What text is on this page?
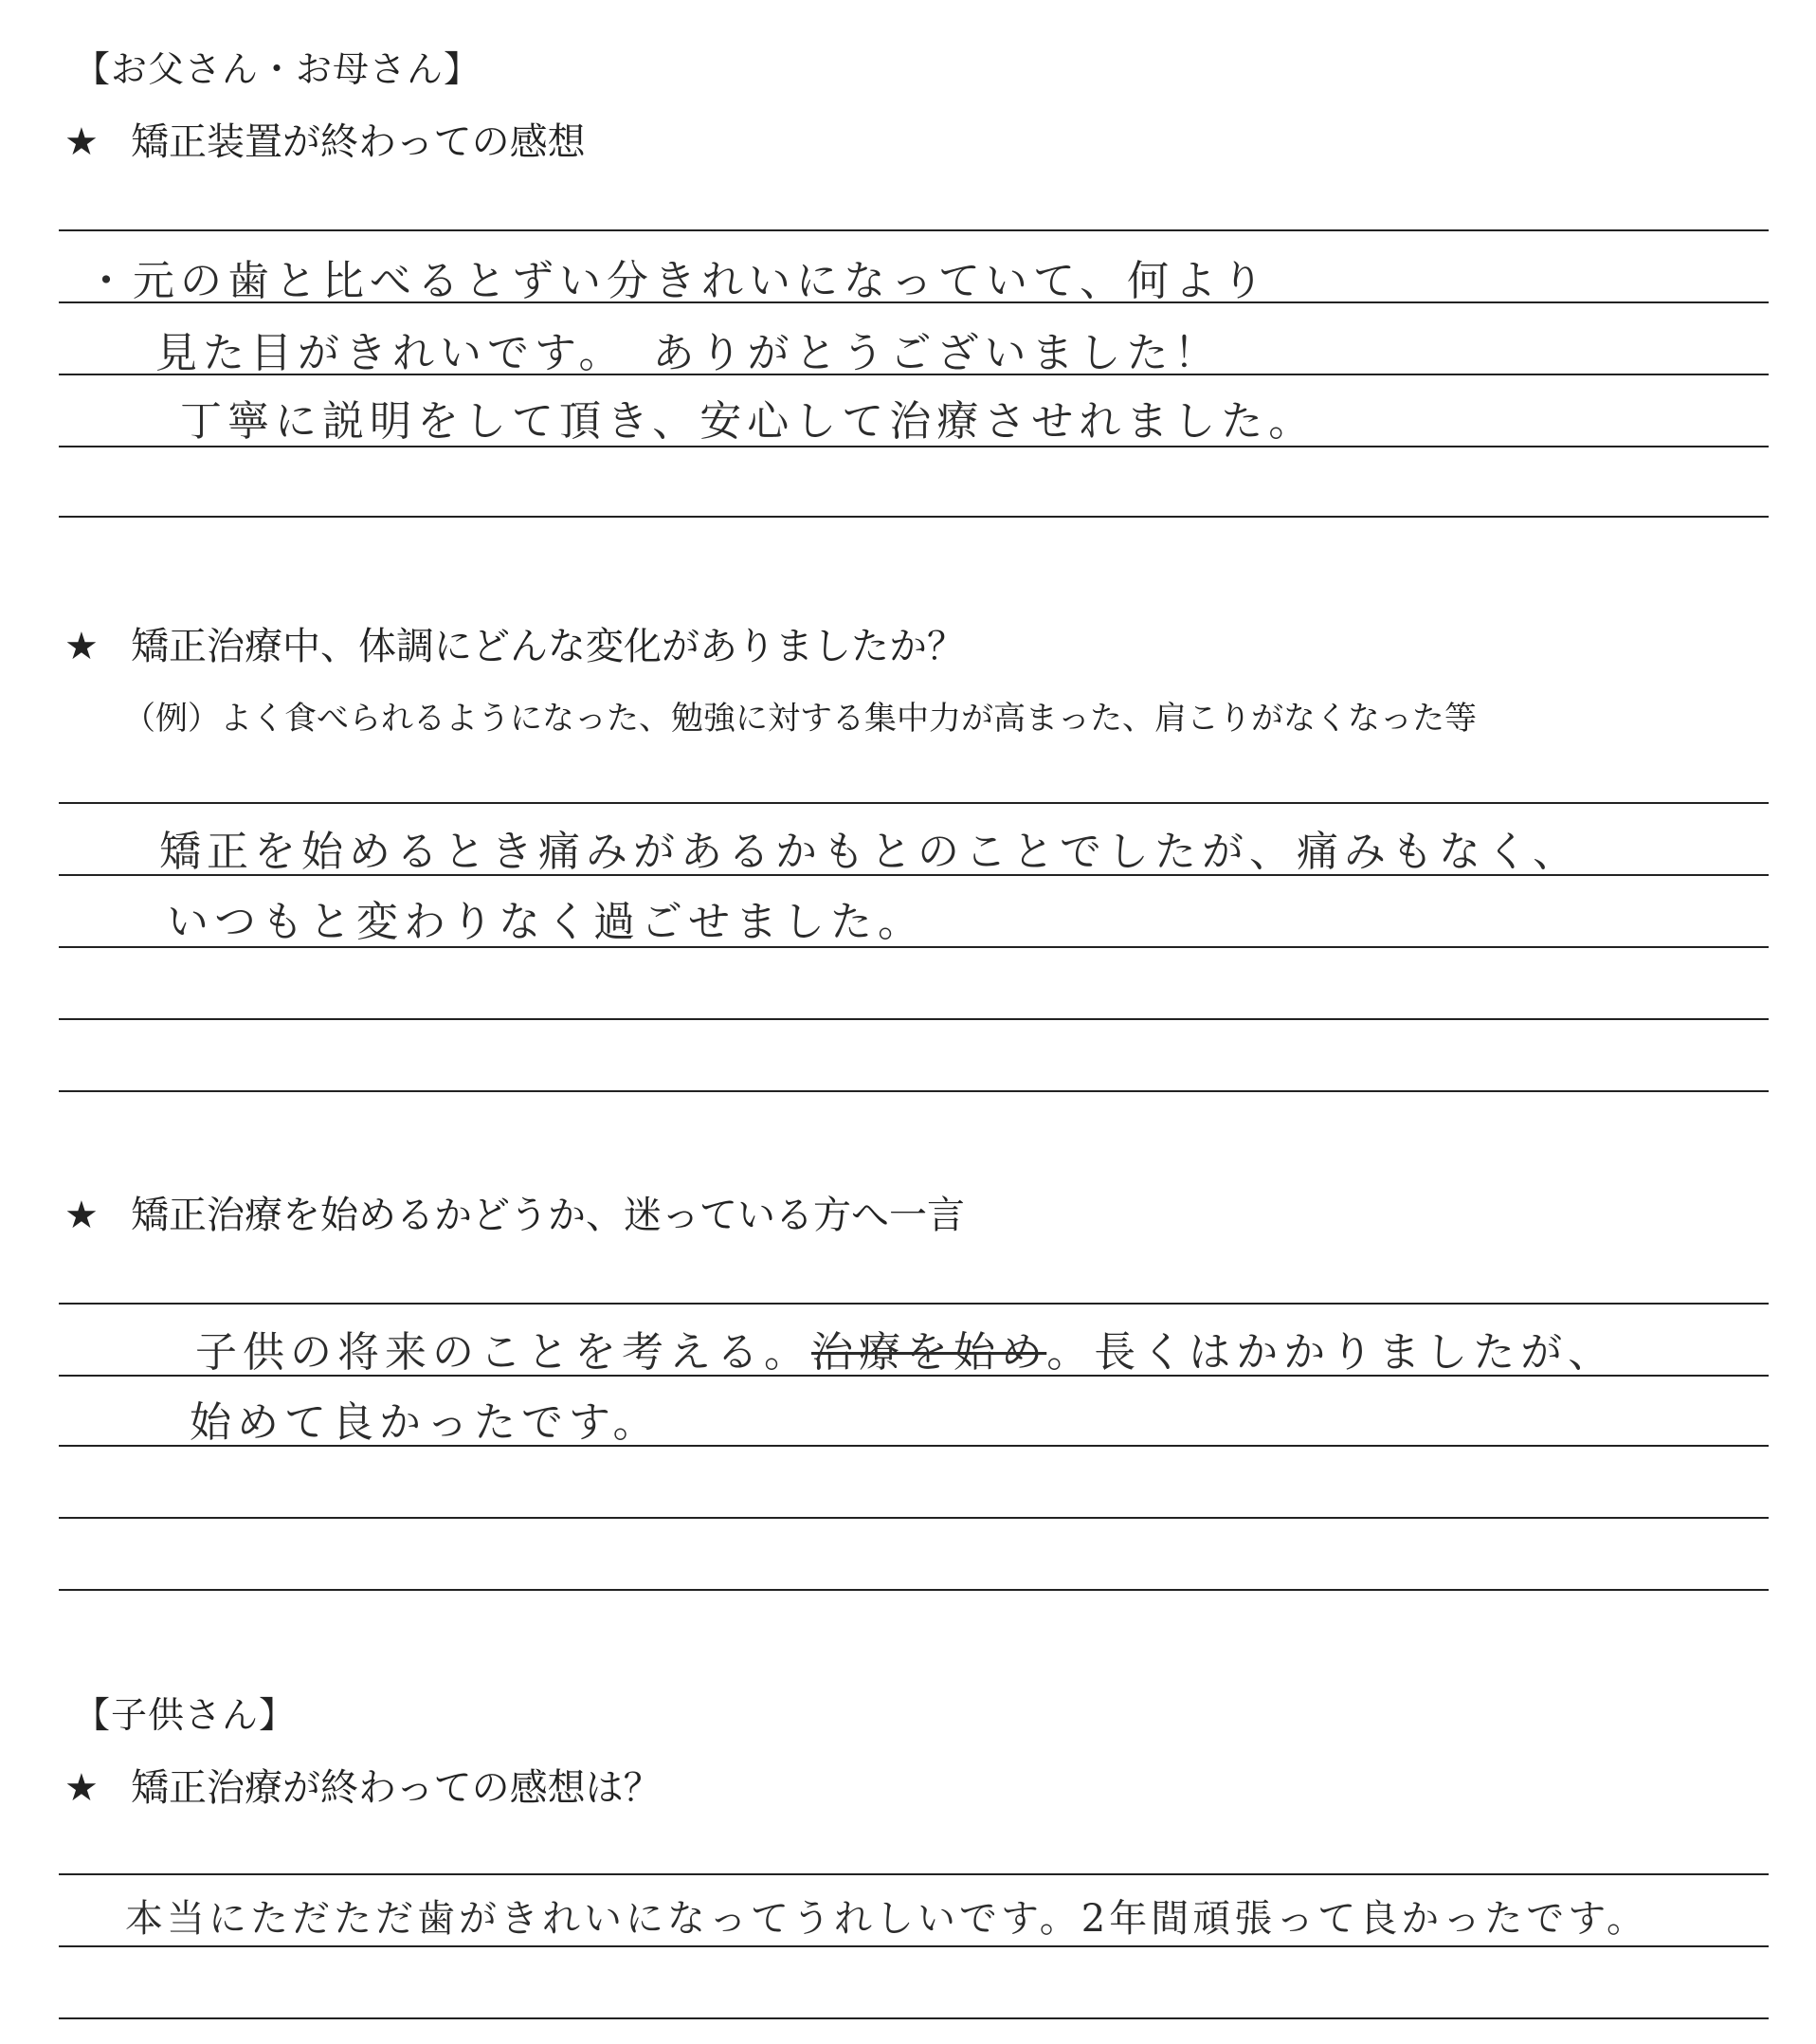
【お父さん・お母さん】
★ 矯正装置が終わっての感想
・元の歯と比べるとずい分きれいになっていて、何より
見た目がきれいです。　ありがとうございました！
丁寧に説明をして頂き、安心して治療させれました。
★ 矯正治療中、体調にどんな変化がありましたか？
（例）よく食べられるようになった、勉強に対する集中力が高まった、肩こりがなくなった等
矯正を始めるとき痛みがあるかもとのことでしたが、痛みもなく、
いつもと変わりなく過ごせました。
★ 矯正治療を始めるかどうか、迷っている方へ一言
子供の将来のことを考える。治療を始め。長くはかかりましたが、
始めて良かったです。
【子供さん】
★ 矯正治療が終わっての感想は？
本当にただただ歯がきれいになってうれしいです。2年間頑張って良かったです。
